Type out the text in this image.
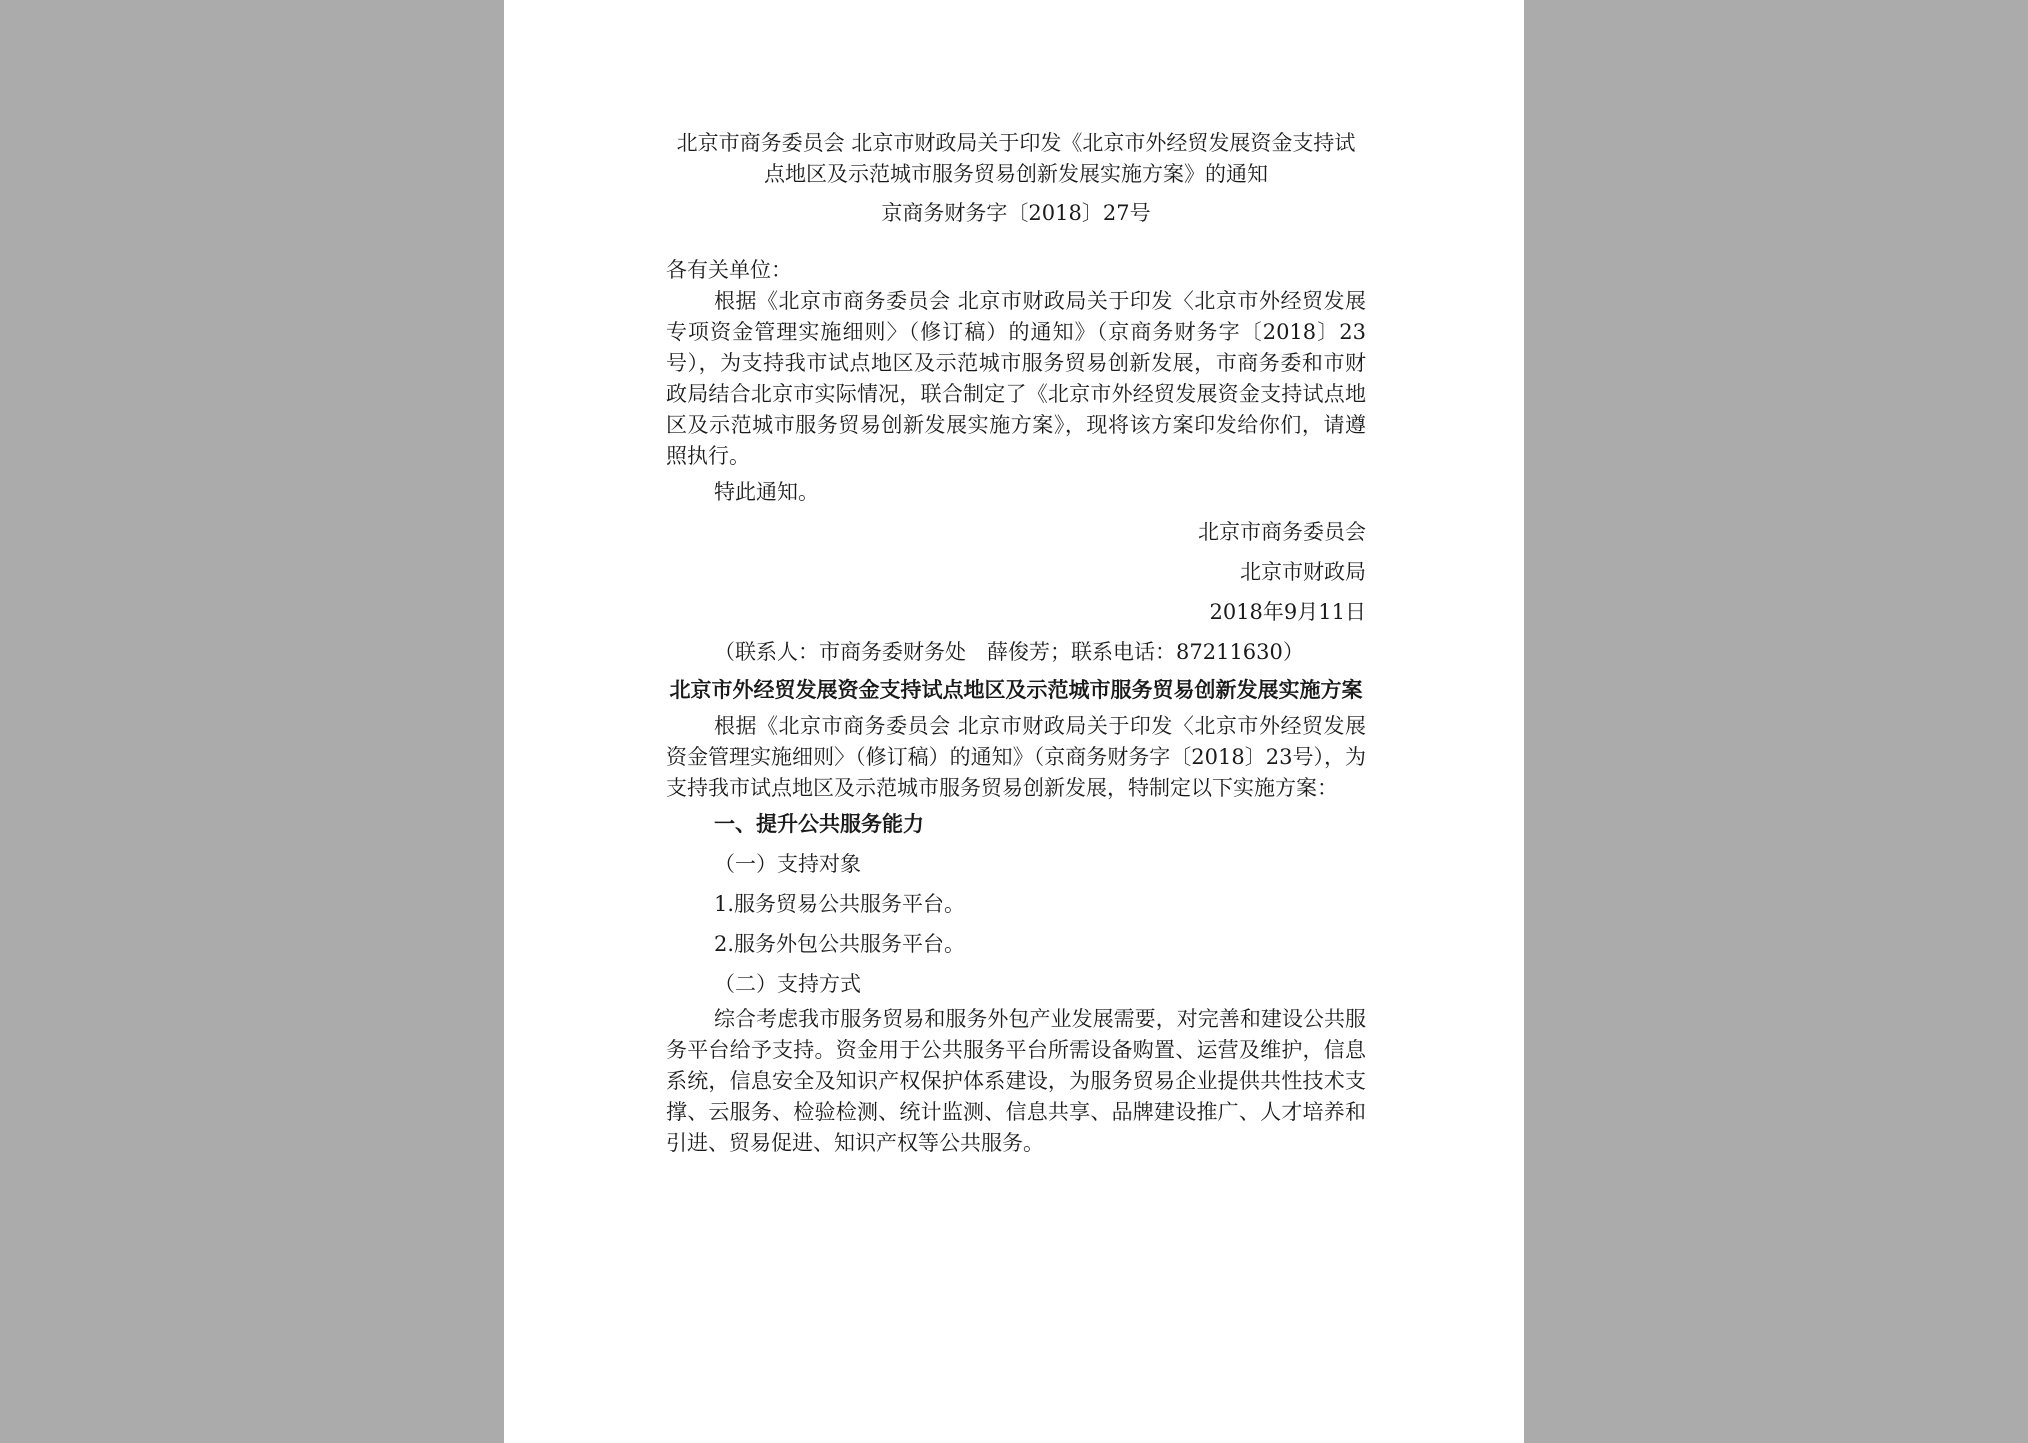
北京市商务委员会 北京市财政局关于印发《北京市外经贸发展资金支持试点地区及示范城市服务贸易创新发展实施方案》的通知
京商务财务字〔2018〕27号
各有关单位：

根据《北京市商务委员会 北京市财政局关于印发〈北京市外经贸发展专项资金管理实施细则〉（修订稿）的通知》（京商务财务字〔2018〕23号），为支持我市试点地区及示范城市服务贸易创新发展，市商务委和市财政局结合北京市实际情况，联合制定了《北京市外经贸发展资金支持试点地区及示范城市服务贸易创新发展实施方案》，现将该方案印发给你们，请遵照执行。

特此通知。
北京市商务委员会
北京市财政局
2018年9月11日
（联系人：市商务委财务处　薛俊芳；联系电话：87211630）
北京市外经贸发展资金支持试点地区及示范城市服务贸易创新发展实施方案

根据《北京市商务委员会 北京市财政局关于印发〈北京市外经贸发展资金管理实施细则〉（修订稿）的通知》（京商务财务字〔2018〕23号），为支持我市试点地区及示范城市服务贸易创新发展，特制定以下实施方案：

一、提升公共服务能力
（一）支持对象
1.服务贸易公共服务平台。
2.服务外包公共服务平台。
（二）支持方式

综合考虑我市服务贸易和服务外包产业发展需要，对完善和建设公共服务平台给予支持。资金用于公共服务平台所需设备购置、运营及维护，信息系统，信息安全及知识产权保护体系建设，为服务贸易企业提供共性技术支撑、云服务、检验检测、统计监测、信息共享、品牌建设推广、人才培养和引进、贸易促进、知识产权等公共服务。
